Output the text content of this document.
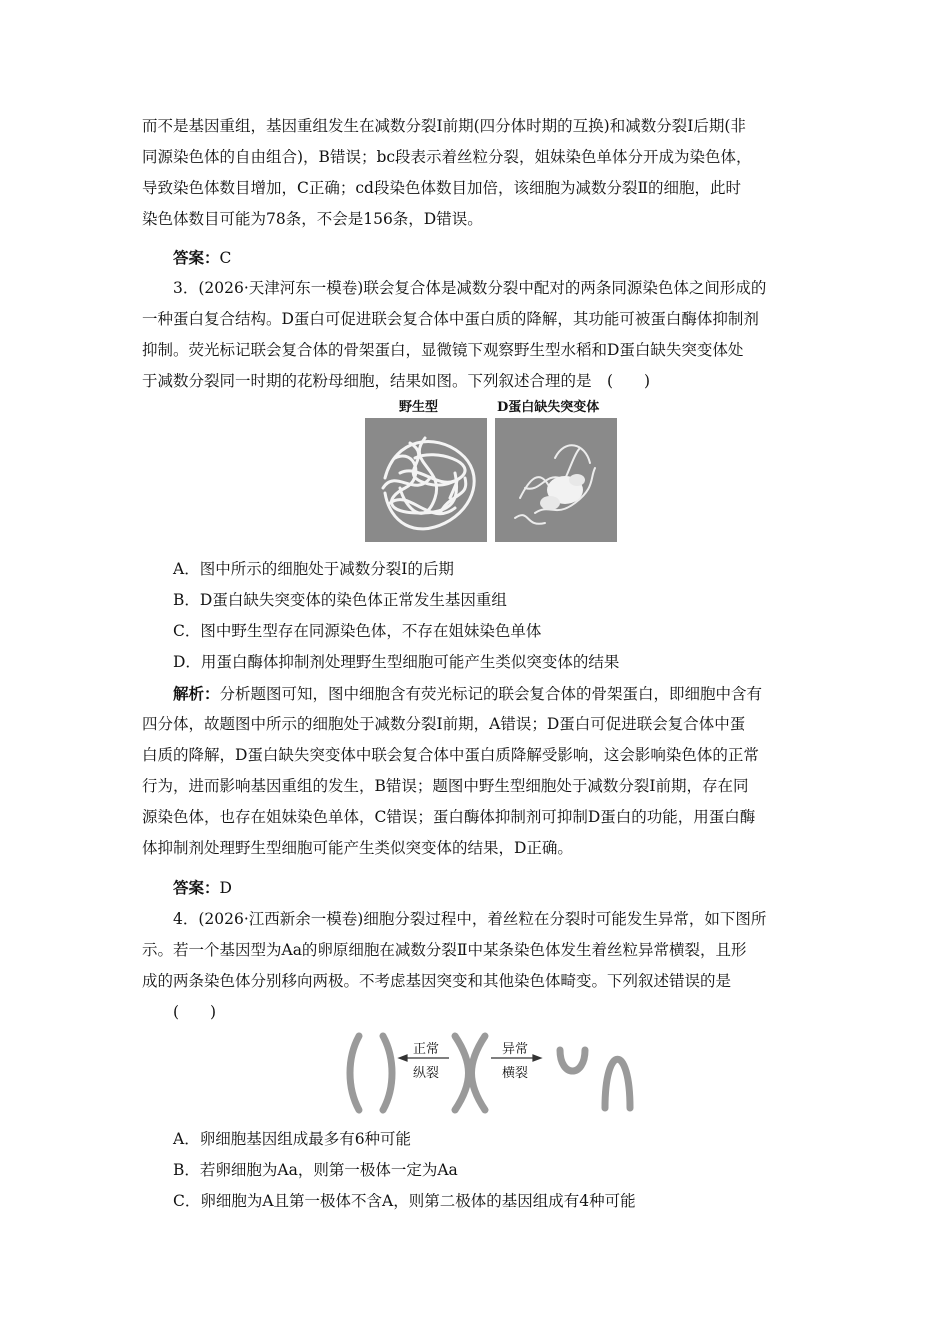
而不是基因重组，基因重组发生在减数分裂Ⅰ前期(四分体时期的互换)和减数分裂Ⅰ后期(非
同源染色体的自由组合)，B错误；bc段表示着丝粒分裂，姐妹染色单体分开成为染色体，
导致染色体数目增加，C正确；cd段染色体数目加倍，该细胞为减数分裂Ⅱ的细胞，此时
染色体数目可能为78条，不会是156条，D错误。
答案：C
3．(2026·天津河东一模卷)联会复合体是减数分裂中配对的两条同源染色体之间形成的
一种蛋白复合结构。D蛋白可促进联会复合体中蛋白质的降解，其功能可被蛋白酶体抑制剂
抑制。荧光标记联会复合体的骨架蛋白，显微镜下观察野生型水稻和D蛋白缺失突变体处
于减数分裂同一时期的花粉母细胞，结果如图。下列叙述合理的是　(　　)
野生型	D蛋白缺失突变体
A．图中所示的细胞处于减数分裂Ⅰ的后期
B．D蛋白缺失突变体的染色体正常发生基因重组
C．图中野生型存在同源染色体，不存在姐妹染色单体
D．用蛋白酶体抑制剂处理野生型细胞可能产生类似突变体的结果
解析：分析题图可知，图中细胞含有荧光标记的联会复合体的骨架蛋白，即细胞中含有
四分体，故题图中所示的细胞处于减数分裂Ⅰ前期，A错误；D蛋白可促进联会复合体中蛋
白质的降解，D蛋白缺失突变体中联会复合体中蛋白质降解受影响，这会影响染色体的正常
行为，进而影响基因重组的发生，B错误；题图中野生型细胞处于减数分裂Ⅰ前期，存在同
源染色体，也存在姐妹染色单体，C错误；蛋白酶体抑制剂可抑制D蛋白的功能，用蛋白酶
体抑制剂处理野生型细胞可能产生类似突变体的结果，D正确。
答案：D
4．(2026·江西新余一模卷)细胞分裂过程中，着丝粒在分裂时可能发生异常，如下图所
示。若一个基因型为Aa的卵原细胞在减数分裂Ⅱ中某条染色体发生着丝粒异常横裂，且形
成的两条染色体分别移向两极。不考虑基因突变和其他染色体畸变。下列叙述错误的是
(　　)
正常
纵裂
异常
横裂
A．卵细胞基因组成最多有6种可能
B．若卵细胞为Aa，则第一极体一定为Aa
C．卵细胞为A且第一极体不含A，则第二极体的基因组成有4种可能
